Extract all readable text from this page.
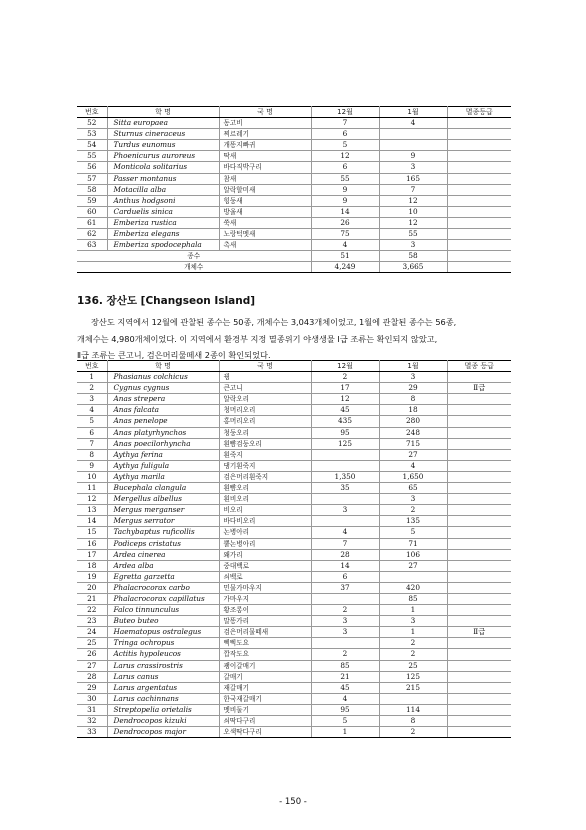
번호	학 명	국 명	12월	1월	멸종등급
52	Sitta europaea	동고비	7	4	
53	Sturnus cineraceus	찌르레기	6		
54	Turdus eunomus	개똥지빠귀	5		
55	Phoenicurus auroreus	딱새	12	9	
56	Monticola solitarius	바다직박구리	6	3	
57	Passer montanus	참새	55	165	
58	Motacilla alba	알락할미새	9	7	
59	Anthus hodgsoni	힝둥새	9	12	
60	Carduelis sinica	방울새	14	10	
61	Emberiza rustica	쑥새	26	12	
62	Emberiza elegans	노랑턱멧새	75	55	
63	Emberiza spodocephala	촉새	4	3	
종수			51	58	
개체수			4,249	3,665	
136. 장산도 [Changseon Island]
장산도 지역에서 12월에 관찰된 종수는 50종, 개체수는 3,043개체이었고, 1월에 관찰된 종수는 56종,
개체수는 4,980개체이었다. 이 지역에서 환경부 지정 멸종위기 야생생물 Ⅰ급 조류는 확인되지 않았고,
Ⅱ급 조류는 큰고니, 검은머리물떼새 2종이 확인되었다.
번호	학 명	국 명	12월	1월	멸종 등급
1	Phasianus colchicus	꿩	2	3	
2	Cygnus cygnus	큰고니	17	29	Ⅱ급
3	Anas strepera	알락오리	12	8	
4	Anas falcata	청머리오리	45	18	
5	Anas penelope	홍머리오리	435	280	
6	Anas platyrhynchos	청둥오리	95	248	
7	Anas poecilorhyncha	흰뺨검둥오리	125	715	
8	Aythya ferina	흰죽지		27	
9	Aythya fuligula	댕기흰죽지		4	
10	Aythya marila	검은머리흰죽지	1,350	1,650	
11	Bucephala clangula	흰뺨오리	35	65	
12	Mergellus albellus	흰비오리		3	
13	Mergus merganser	비오리	3	2	
14	Mergus serrator	바다비오리		135	
15	Tachybaptus ruficollis	논병아리	4	5	
16	Podiceps cristatus	뿔논병아리	7	71	
17	Ardea cinerea	왜가리	28	106	
18	Ardea alba	중대백로	14	27	
19	Egretta garzetta	쇠백로	6		
20	Phalacrocorax carbo	민물가마우지	37	420	
21	Phalacrocorax capillatus	가마우지		85	
22	Falco tinnunculus	황조롱이	2	1	
23	Buteo buteo	말똥가리	3	3	
24	Haematopus ostralegus	검은머리물떼새	3	1	Ⅱ급
25	Tringa ochropus	삑삑도요		2	
26	Actitis hypoleucos	깝작도요	2	2	
27	Larus crassirostris	괭이갈매기	85	25	
28	Larus canus	갈매기	21	125	
29	Larus argentatus	재갈매기	45	215	
30	Larus cachinnans	한국재갈매기	4		
31	Streptopelia orietalis	멧비둘기	95	114	
32	Dendrocopos kizuki	쇠딱다구리	5	8	
33	Dendrocopos major	오색딱다구리	1	2	
- 150 -
